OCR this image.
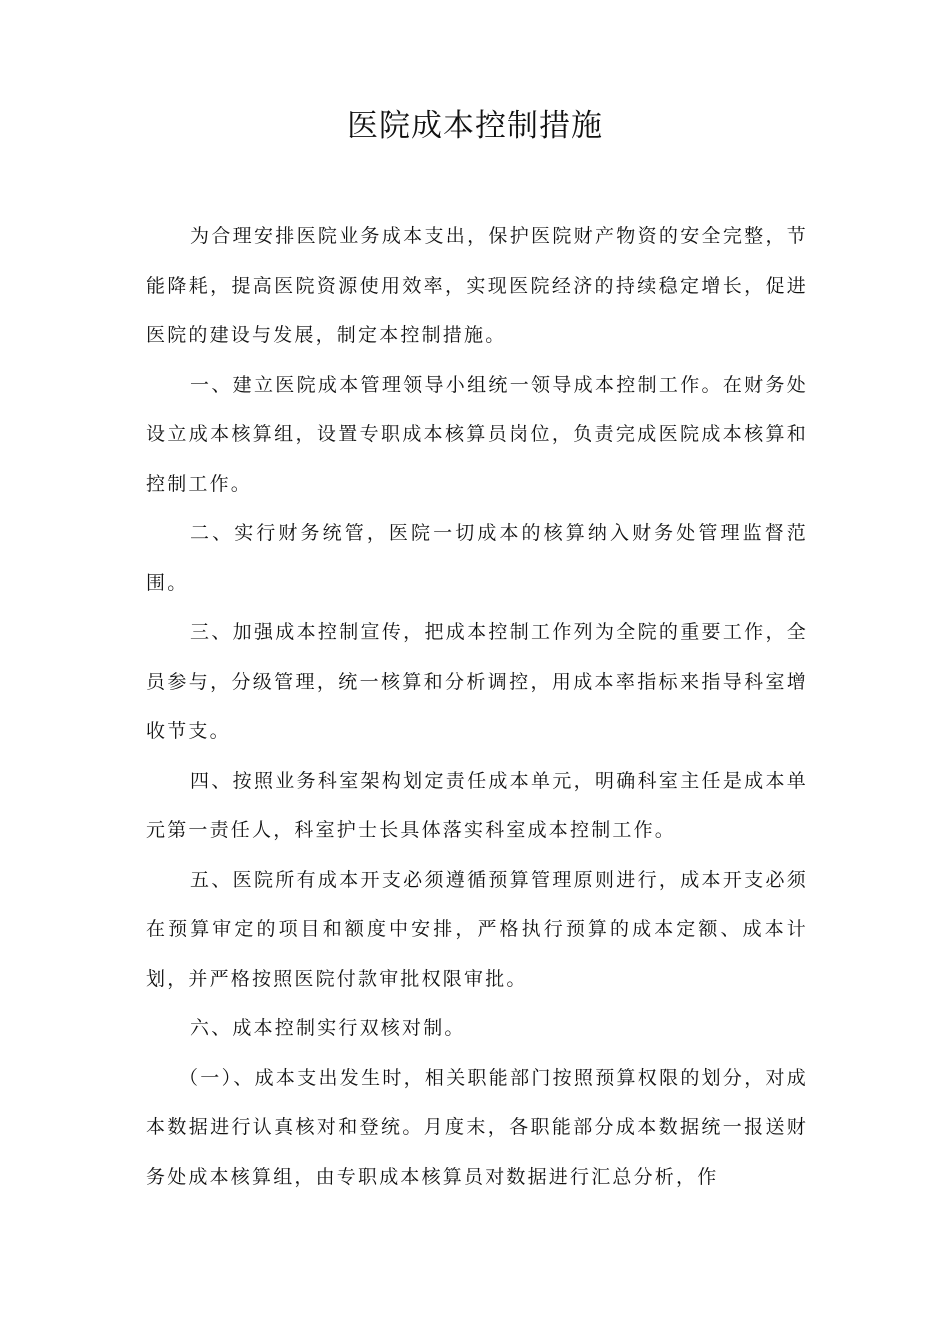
医院成本控制措施

为合理安排医院业务成本支出，保护医院财产物资的安全完整，节能降耗，提高医院资源使用效率，实现医院经济的持续稳定增长，促进医院的建设与发展，制定本控制措施。

一、建立医院成本管理领导小组统一领导成本控制工作。在财务处设立成本核算组，设置专职成本核算员岗位，负责完成医院成本核算和控制工作。

二、实行财务统管，医院一切成本的核算纳入财务处管理监督范围。

三、加强成本控制宣传，把成本控制工作列为全院的重要工作，全员参与，分级管理，统一核算和分析调控，用成本率指标来指导科室增收节支。

四、按照业务科室架构划定责任成本单元，明确科室主任是成本单元第一责任人，科室护士长具体落实科室成本控制工作。

五、医院所有成本开支必须遵循预算管理原则进行，成本开支必须在预算审定的项目和额度中安排，严格执行预算的成本定额、成本计划，并严格按照医院付款审批权限审批。

六、成本控制实行双核对制。

（一）、成本支出发生时，相关职能部门按照预算权限的划分，对成本数据进行认真核对和登统。月度末，各职能部分成本数据统一报送财务处成本核算组，由专职成本核算员对数据进行汇总分析，作
